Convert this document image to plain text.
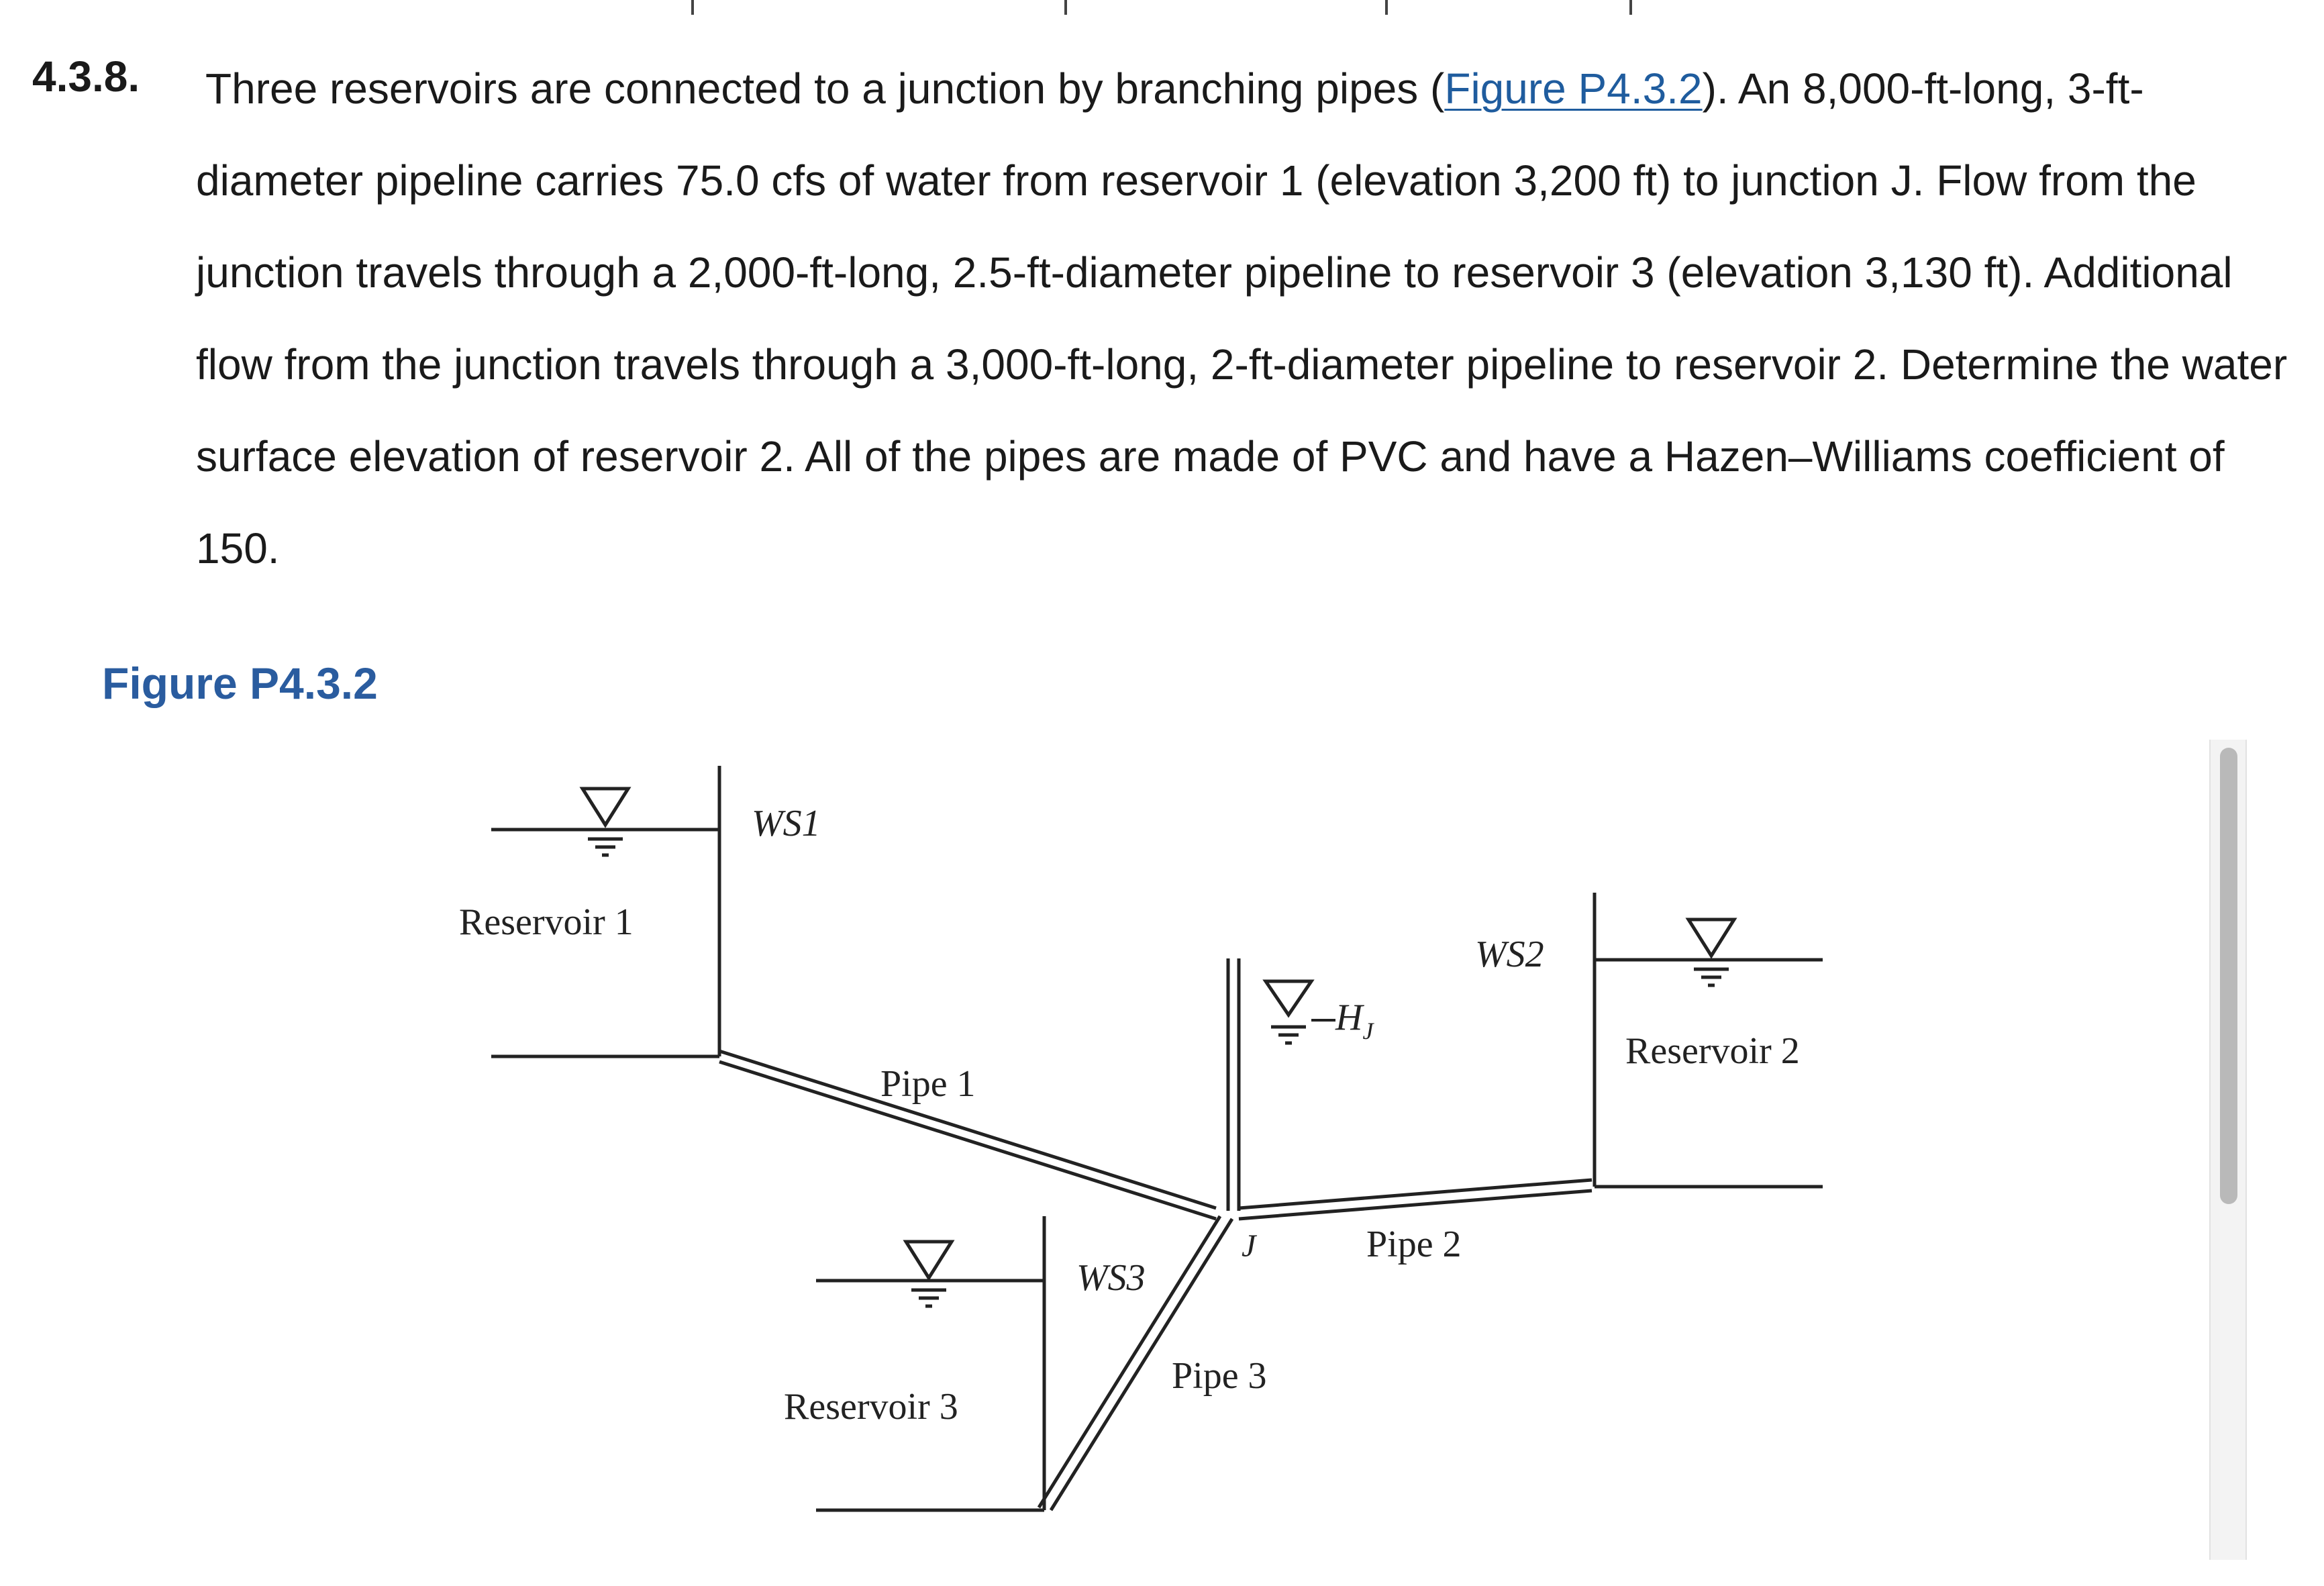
4.3.8. Three reservoirs are connected to a junction by branching pipes (Figure P4.3.2). An 8,000-ft-long, 3-ft-diameter pipeline carries 75.0 cfs of water from reservoir 1 (elevation 3,200 ft) to junction J. Flow from the junction travels through a 2,000-ft-long, 2.5-ft-diameter pipeline to reservoir 3 (elevation 3,130 ft). Additional flow from the junction travels through a 3,000-ft-long, 2-ft-diameter pipeline to reservoir 2. Determine the water surface elevation of reservoir 2. All of the pipes are made of PVC and have a Hazen–Williams coefficient of 150.

Figure P4.3.2
WS1
Reservoir 1
Pipe 1
WS2
Reservoir 2
$H_J$
J	Pipe 2
WS3
Pipe 3
Reservoir 3
